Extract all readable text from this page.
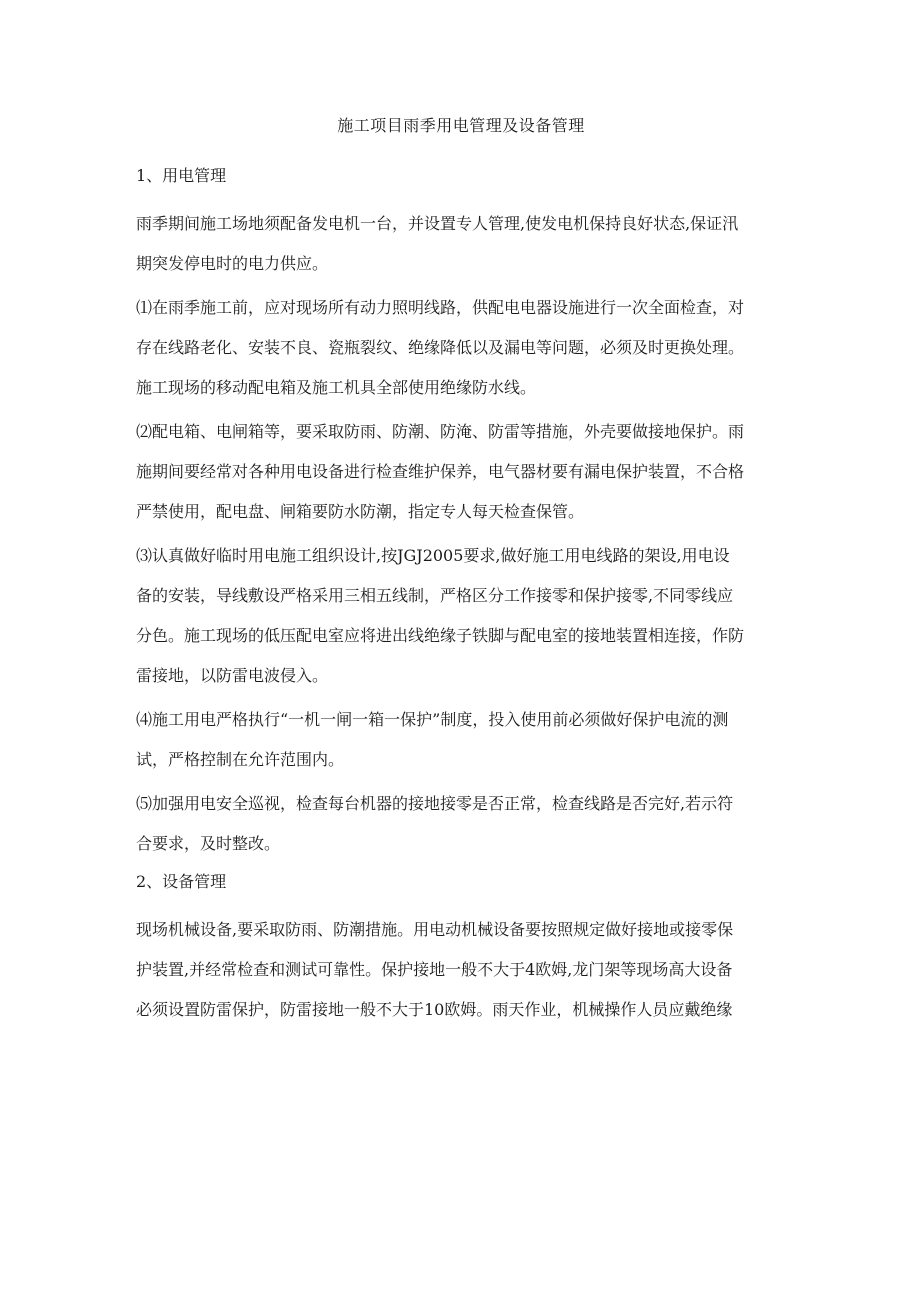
施工项目雨季用电管理及设备管理
1、用电管理
雨季期间施工场地须配备发电机一台，并设置专人管理,使发电机保持良好状态,保证汛
期突发停电时的电力供应。
⑴在雨季施工前，应对现场所有动力照明线路，供配电电器设施进行一次全面检查，对
存在线路老化、安装不良、瓷瓶裂纹、绝缘降低以及漏电等问题，必须及时更换处理。
施工现场的移动配电箱及施工机具全部使用绝缘防水线。
⑵配电箱、电闸箱等，要采取防雨、防潮、防淹、防雷等措施，外壳要做接地保护。雨
施期间要经常对各种用电设备进行检查维护保养，电气器材要有漏电保护装置，不合格
严禁使用，配电盘、闸箱要防水防潮，指定专人每天检查保管。
⑶认真做好临时用电施工组织设计,按JGJ2005要求,做好施工用电线路的架设,用电设
备的安装，导线敷设严格采用三相五线制，严格区分工作接零和保护接零,不同零线应
分色。施工现场的低压配电室应将进出线绝缘子铁脚与配电室的接地装置相连接，作防
雷接地，以防雷电波侵入。
⑷施工用电严格执行“一机一闸一箱一保护”制度，投入使用前必须做好保护电流的测
试，严格控制在允许范围内。
⑸加强用电安全巡视，检查每台机器的接地接零是否正常，检查线路是否完好,若示符
合要求，及时整改。
2、设备管理
现场机械设备,要采取防雨、防潮措施。用电动机械设备要按照规定做好接地或接零保
护装置,并经常检查和测试可靠性。保护接地一般不大于4欧姆,龙门架等现场高大设备
必须设置防雷保护，防雷接地一般不大于10欧姆。雨天作业，机械操作人员应戴绝缘
